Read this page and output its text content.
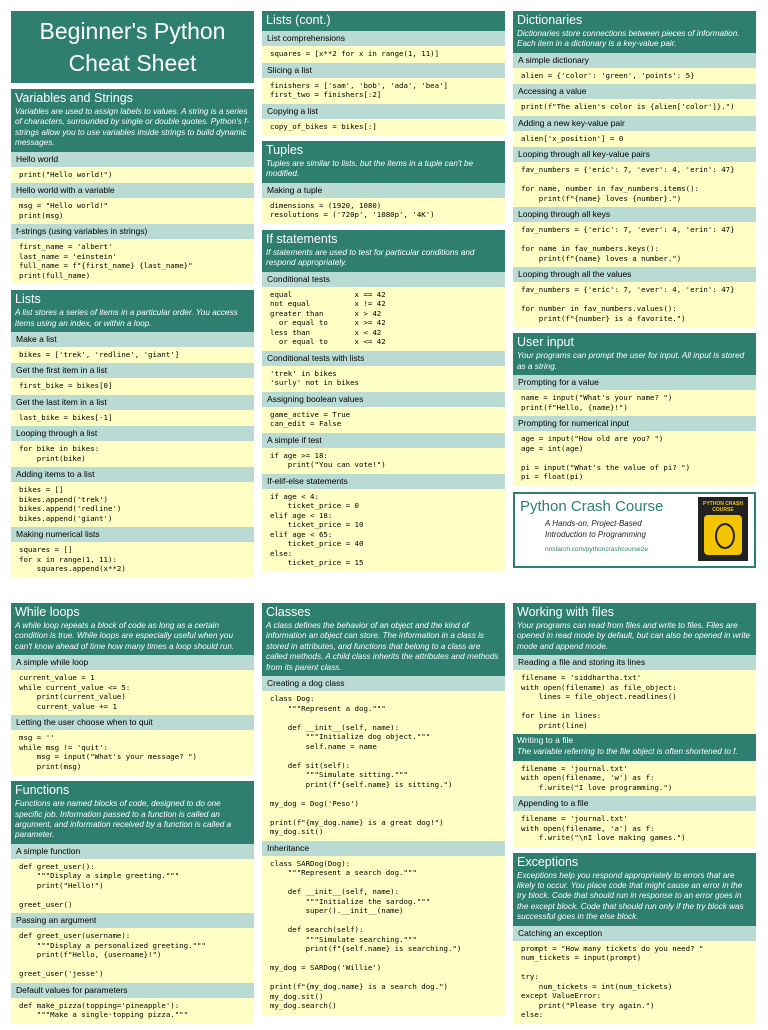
Beginner's Python Cheat Sheet
Variables and Strings

Variables are used to assign labels to values. A string is a series of characters, surrounded by single or double quotes. Python's f-strings allow you to use variables inside strings to build dynamic messages.

Hello world
print("Hello world!")
Hello world with a variable
msg = "Hello world!"
print(msg)
f-strings (using variables in strings)
first_name = 'albert'
last_name = 'einstein'
full_name = f"{first_name} {last_name}"
print(full_name)
Lists

A list stores a series of items in a particular order. You access items using an index, or within a loop.

Make a list
bikes = ['trek', 'redline', 'giant']
Get the first item in a list
first_bike = bikes[0]
Get the last item in a list
last_bike = bikes[-1]
Looping through a list
for bike in bikes:
print(bike)
Adding items to a list
bikes = []
bikes.append('trek')
bikes.append('redline')
bikes.append('giant')
Making numerical lists
squares = []
for x in range(1, 11):
squares.append(x**2)
Lists (cont.)
List comprehensions
squares = [x**2 for x in range(1, 11)]
Slicing a list
finishers = ['sam', 'bob', 'ada', 'bea']
first_two = finishers[:2]
Copying a list
copy_of_bikes = bikes[:]
Tuples

Tuples are similar to lists, but the items in a tuple can't be modified.

Making a tuple
dimensions = (1920, 1080)
resolutions = ('720p', '1080p', '4K')
If statements

If statements are used to test for particular conditions and respond appropriately.

Conditional tests
equal              x == 42
not equal          x != 42
greater than       x > 42
or equal to      x >= 42
less than          x < 42
or equal to      x <= 42
Conditional tests with lists
'trek' in bikes
'surly' not in bikes
Assigning boolean values
game_active = True
can_edit = False
A simple if test
if age >= 18:
print("You can vote!")
If-elif-else statements
if age < 4:
ticket_price = 0
elif age < 18:
ticket_price = 10
elif age < 65:
ticket_price = 40
else:
ticket_price = 15
Dictionaries

Dictionaries store connections between pieces of information. Each item in a dictionary is a key-value pair.

A simple dictionary
alien = {'color': 'green', 'points': 5}
Accessing a value
print(f"The alien's color is {alien['color']}.")
Adding a new key-value pair
alien['x_position'] = 0
Looping through all key-value pairs
fav_numbers = {'eric': 7, 'ever': 4, 'erin': 47}

for name, number in fav_numbers.items():
print(f"{name} loves {number}.")
Looping through all keys
fav_numbers = {'eric': 7, 'ever': 4, 'erin': 47}

for name in fav_numbers.keys():
print(f"{name} loves a number.")
Looping through all the values
fav_numbers = {'eric': 7, 'ever': 4, 'erin': 47}

for number in fav_numbers.values():
print(f"{number} is a favorite.")
User input

Your programs can prompt the user for input. All input is stored as a string.

Prompting for a value
name = input("What's your name? ")
print(f"Hello, {name}!")
Prompting for numerical input
age = input("How old are you? ")
age = int(age)

pi = input("What's the value of pi? ")
pi = float(pi)
Python Crash Course
A Hands-on, Project-Based
Introduction to Programming
nostarch.com/pythoncrashcourse2e
PYTHON CRASH COURSE
While loops

A while loop repeats a block of code as long as a certain condition is true. While loops are especially useful when you can't know ahead of time how many times a loop should run.

A simple while loop
current_value = 1
while current_value <= 5:
print(current_value)
current_value += 1
Letting the user choose when to quit
msg = ''
while msg != 'quit':
msg = input("What's your message? ")
print(msg)
Functions

Functions are named blocks of code, designed to do one specific job. Information passed to a function is called an argument, and information received by a function is called a parameter.

A simple function
def greet_user():
"""Display a simple greeting."""
print("Hello!")

greet_user()
Passing an argument
def greet_user(username):
"""Display a personalized greeting."""
print(f"Hello, {username}!")

greet_user('jesse')
Default values for parameters
def make_pizza(topping='pineapple'):
"""Make a single-topping pizza."""
Classes

A class defines the behavior of an object and the kind of information an object can store. The information in a class is stored in attributes, and functions that belong to a class are called methods. A child class inherits the attributes and methods from its parent class.

Creating a dog class
class Dog:
"""Represent a dog."""

def __init__(self, name):
"""Initialize dog object."""
self.name = name

def sit(self):
"""Simulate sitting."""
print(f"{self.name} is sitting.")

my_dog = Dog('Peso')

print(f"{my_dog.name} is a great dog!")
my_dog.sit()
Inheritance
class SARDog(Dog):
"""Represent a search dog."""

def __init__(self, name):
"""Initialize the sardog."""
super().__init__(name)

def search(self):
"""Simulate searching."""
print(f"{self.name} is searching.")

my_dog = SARDog('Willie')

print(f"{my_dog.name} is a search dog.")
my_dog.sit()
my_dog.search()
Working with files

Your programs can read from files and write to files. Files are opened in read mode by default, but can also be opened in write mode and append mode.

Reading a file and storing its lines
filename = 'siddhartha.txt'
with open(filename) as file_object:
lines = file_object.readlines()

for line in lines:
print(line)
Writing to a file

The variable referring to the file object is often shortened to f.

filename = 'journal.txt'
with open(filename, 'w') as f:
f.write("I love programming.")
Appending to a file
filename = 'journal.txt'
with open(filename, 'a') as f:
f.write("\nI love making games.")
Exceptions

Exceptions help you respond appropriately to errors that are likely to occur. You place code that might cause an error in the try block. Code that should run in response to an error goes in the except block. Code that should run only if the try block was successful goes in the else block.

Catching an exception
prompt = "How many tickets do you need? "
num_tickets = input(prompt)

try:
num_tickets = int(num_tickets)
except ValueError:
print("Please try again.")
else:
